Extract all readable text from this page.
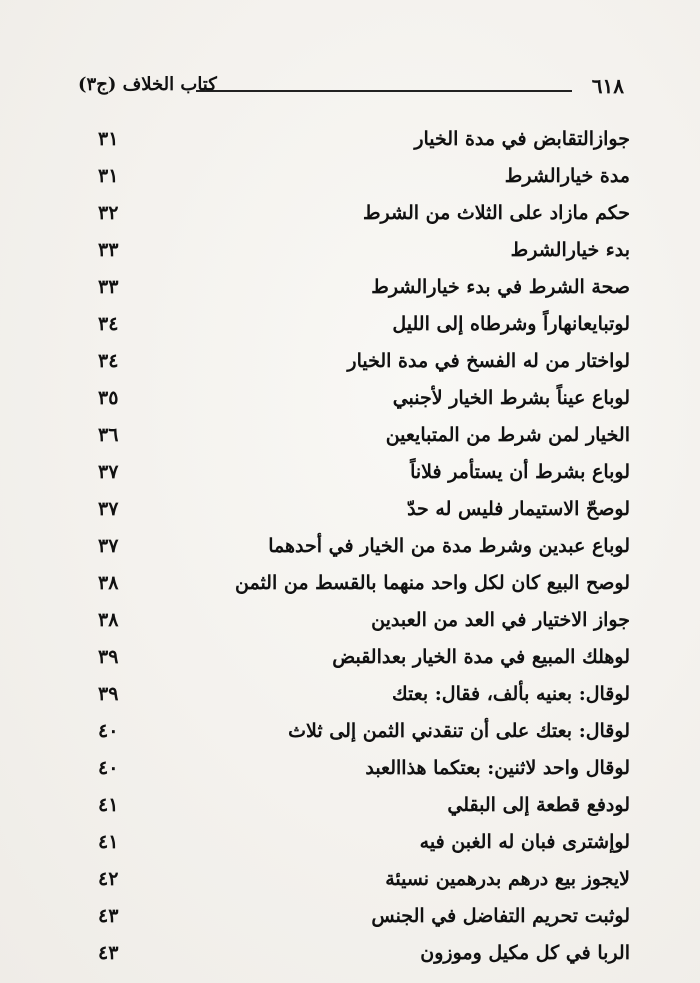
٦١٨
كتاب الخلاف (ج٣)
جوازالتقابض في مدة الخيار
٣١
مدة خيارالشرط
٣١
حكم مازاد على الثلاث من الشرط
٣٢
بدء خيارالشرط
٣٣
صحة الشرط في بدء خيارالشرط
٣٣
لوتبايعانهاراً وشرطاه إلى الليل
٣٤
لواختار من له الفسخ في مدة الخيار
٣٤
لوباع عيناً بشرط الخيار لأجنبي
٣٥
الخيار لمن شرط من المتبايعين
٣٦
لوباع بشرط أن يستأمر فلاناً
٣٧
لوصحّ الاستيمار فليس له حدّ
٣٧
لوباع عبدين وشرط مدة من الخيار في أحدهما
٣٧
لوصح البيع كان لكل واحد منهما بالقسط من الثمن
٣٨
جواز الاختيار في العد من العبدين
٣٨
لوهلك المبيع في مدة الخيار بعدالقبض
٣٩
لوقال: بعنيه بألف، فقال: بعتك
٣٩
لوقال: بعتك على أن تنقدني الثمن إلى ثلاث
٤٠
لوقال واحد لاثنين: بعتكما هذاالعبد
٤٠
لودفع قطعة إلى البقلي
٤١
لوإشترى فبان له الغبن فيه
٤١
لايجوز بيع درهم بدرهمين نسيئة
٤٢
لوثبت تحريم التفاضل في الجنس
٤٣
الربا في كل مكيل وموزون
٤٣
